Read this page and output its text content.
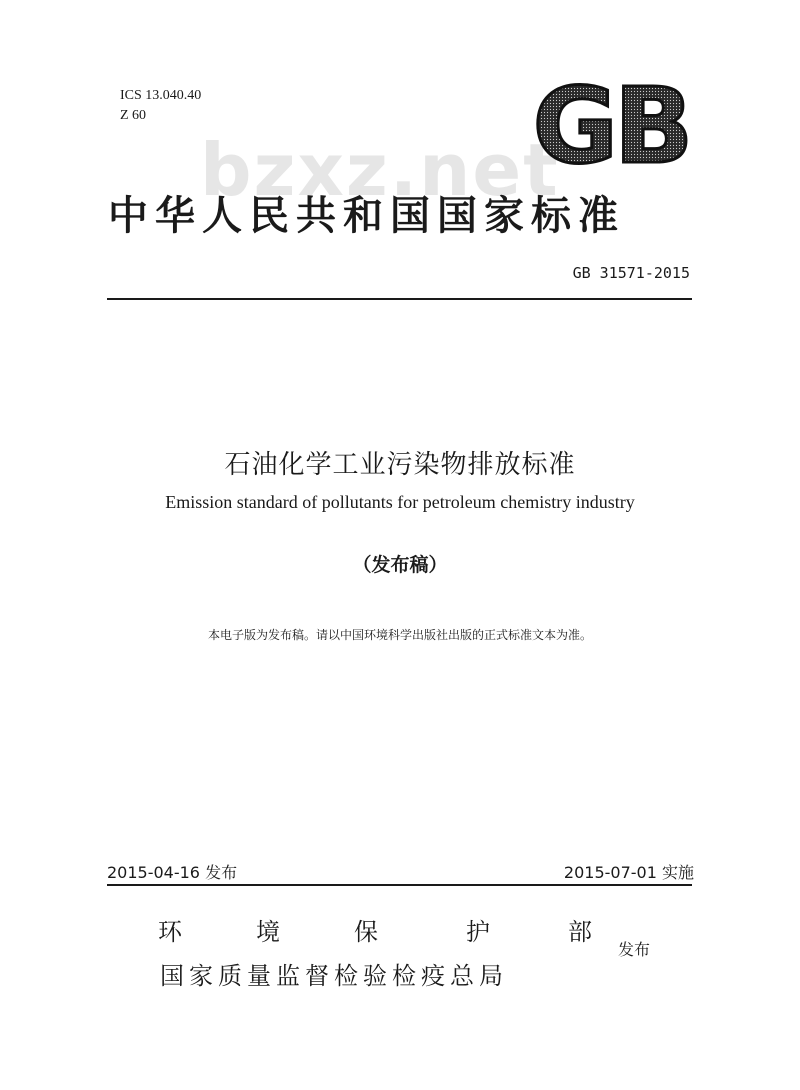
ICS 13.040.40
Z 60
bzxz.net
GB
中华人民共和国国家标准
GB 31571-2015
石油化学工业污染物排放标准
Emission standard of pollutants for petroleum chemistry industry
（发布稿）
本电子版为发布稿。请以中国环境科学出版社出版的正式标准文本为准。
2015-04-16 发布	2015-07-01 实施
环	境	保	护	部
国家质量监督检验检疫总局
发布
